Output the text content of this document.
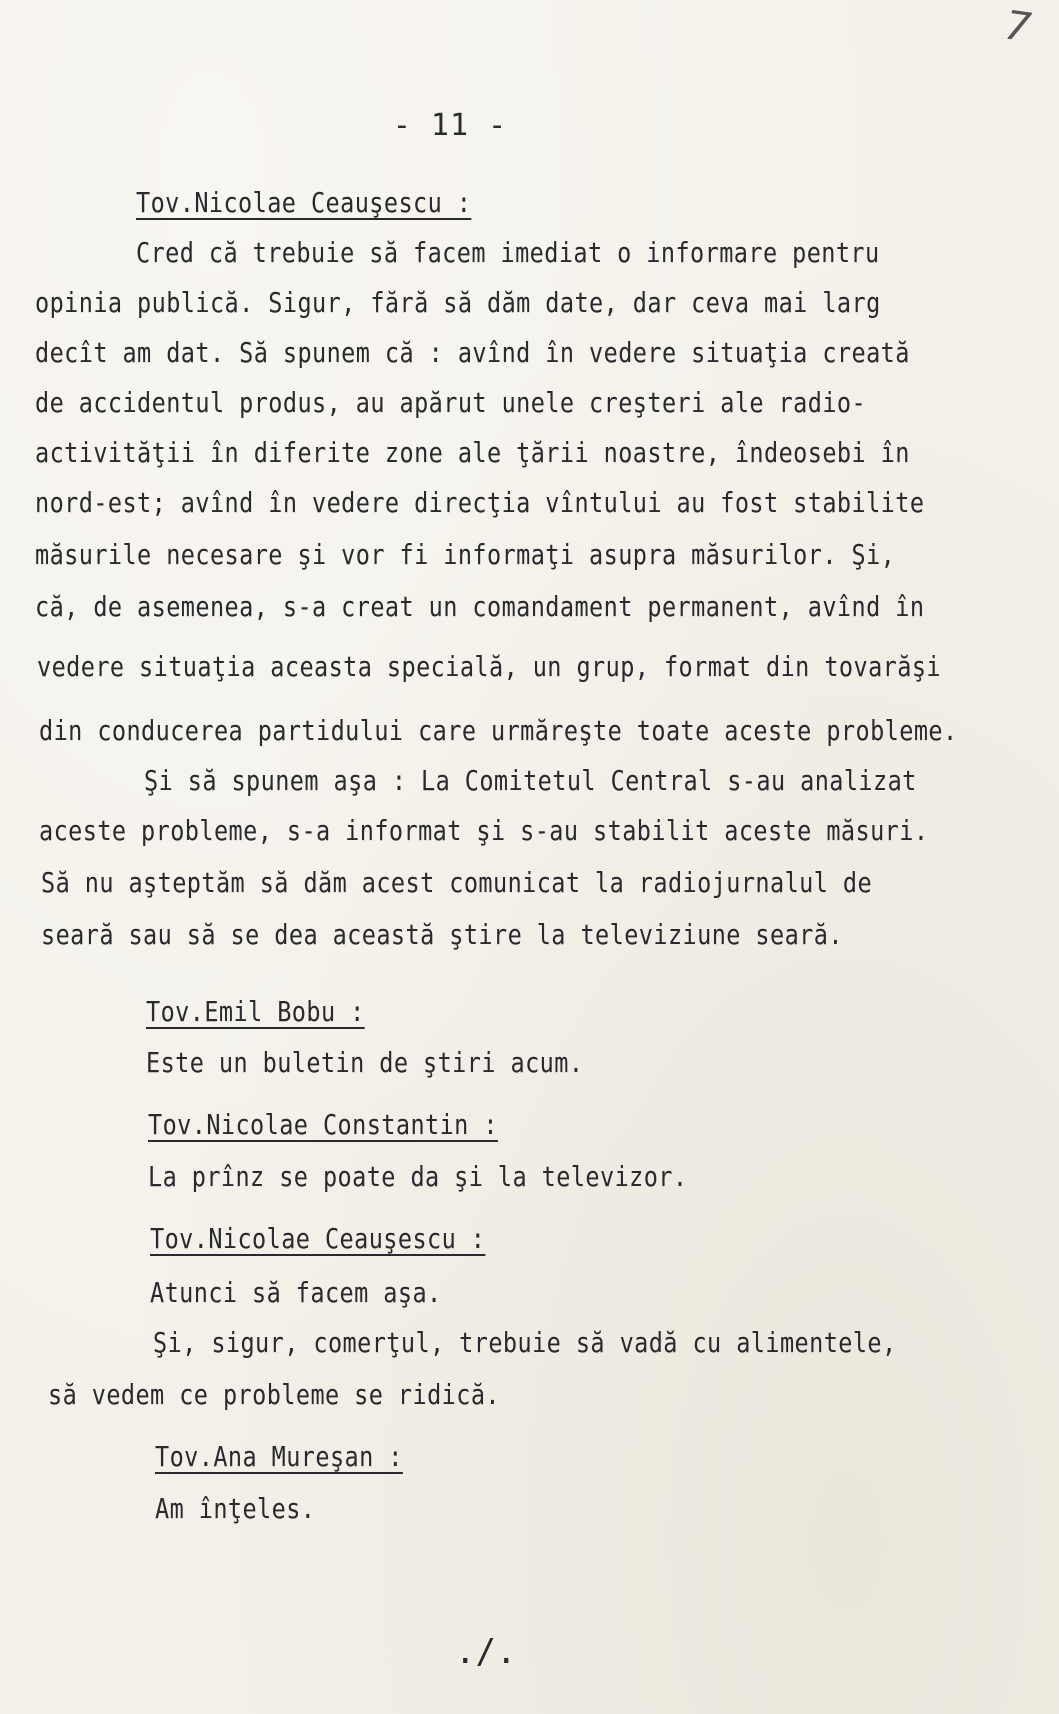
7
- 11 -
Tov.Nicolae Ceauşescu :
Cred că trebuie să facem imediat o informare pentru
opinia publică. Sigur, fără să dăm date, dar ceva mai larg
decît am dat. Să spunem că : avînd în vedere situaţia creată
de accidentul produs, au apărut unele creşteri ale radio-
activităţii în diferite zone ale ţării noastre, îndeosebi în
nord-est; avînd în vedere direcţia vîntului au fost stabilite
măsurile necesare şi vor fi informaţi asupra măsurilor. Şi,
că, de asemenea, s-a creat un comandament permanent, avînd în
vedere situaţia aceasta specială, un grup, format din tovarăşi
din conducerea partidului care urmăreşte toate aceste probleme.
Şi să spunem aşa : La Comitetul Central s-au analizat
aceste probleme, s-a informat şi s-au stabilit aceste măsuri.
Să nu aşteptăm să dăm acest comunicat la radiojurnalul de
seară sau să se dea această ştire la televiziune seară.
Tov.Emil Bobu :
Este un buletin de ştiri acum.
Tov.Nicolae Constantin :
La prînz se poate da şi la televizor.
Tov.Nicolae Ceauşescu :
Atunci să facem aşa.
Şi, sigur, comerţul, trebuie să vadă cu alimentele,
să vedem ce probleme se ridică.
Tov.Ana Mureşan :
Am înţeles.
./.
